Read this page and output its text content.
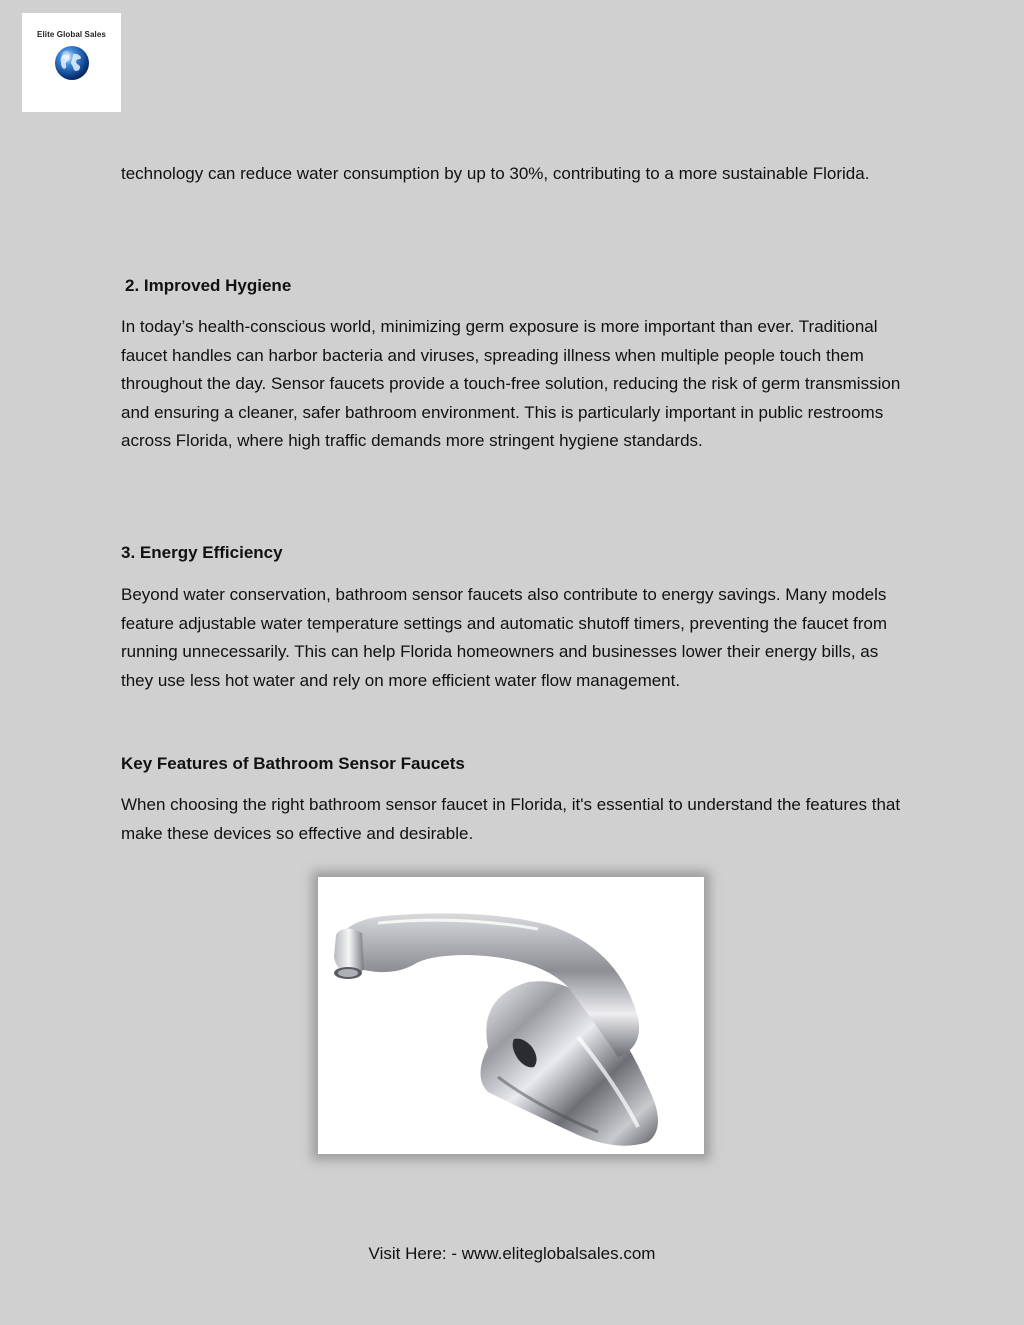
Elite Global Sales

technology can reduce water consumption by up to 30%, contributing to a more sustainable Florida.

2. Improved Hygiene

In today’s health-conscious world, minimizing germ exposure is more important than ever. Traditional faucet handles can harbor bacteria and viruses, spreading illness when multiple people touch them throughout the day. Sensor faucets provide a touch-free solution, reducing the risk of germ transmission and ensuring a cleaner, safer bathroom environment. This is particularly important in public restrooms across Florida, where high traffic demands more stringent hygiene standards.

3. Energy Efficiency

Beyond water conservation, bathroom sensor faucets also contribute to energy savings. Many models feature adjustable water temperature settings and automatic shutoff timers, preventing the faucet from running unnecessarily. This can help Florida homeowners and businesses lower their energy bills, as they use less hot water and rely on more efficient water flow management.

Key Features of Bathroom Sensor Faucets

When choosing the right bathroom sensor faucet in Florida, it's essential to understand the features that make these devices so effective and desirable.

Visit Here: - www.eliteglobalsales.com
